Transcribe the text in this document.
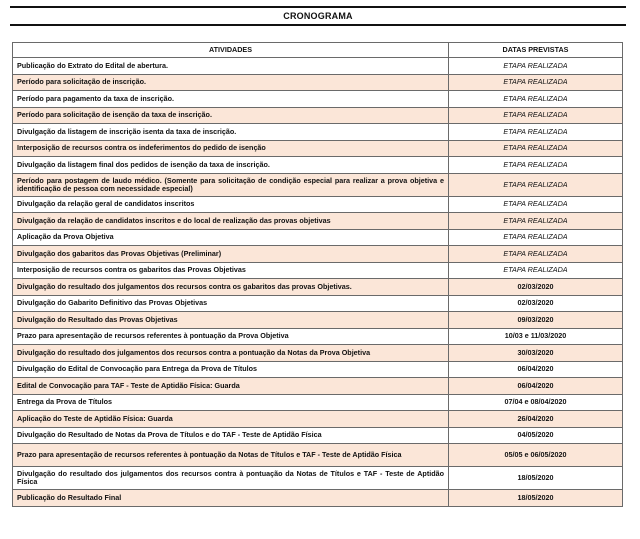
CRONOGRAMA
ATIVIDADES	DATAS PREVISTAS
Publicação do Extrato do Edital de abertura.	ETAPA REALIZADA
Período para solicitação de inscrição.	ETAPA REALIZADA
Período para pagamento da taxa de inscrição.	ETAPA REALIZADA
Período para solicitação de isenção da taxa de inscrição.	ETAPA REALIZADA
Divulgação da listagem de inscrição isenta da taxa de inscrição.	ETAPA REALIZADA
Interposição de recursos contra os indeferimentos do pedido de isenção	ETAPA REALIZADA
Divulgação da listagem final dos pedidos de isenção da taxa de inscrição.	ETAPA REALIZADA
Período para postagem de laudo médico. (Somente para solicitação de condição especial para realizar a prova objetiva e identificação de pessoa com necessidade especial)	ETAPA REALIZADA
Divulgação da relação geral de candidatos inscritos	ETAPA REALIZADA
Divulgação da relação de candidatos inscritos e do local de realização das provas objetivas	ETAPA REALIZADA
Aplicação da Prova Objetiva	ETAPA REALIZADA
Divulgação dos gabaritos das Provas Objetivas (Preliminar)	ETAPA REALIZADA
Interposição de recursos contra os gabaritos das Provas Objetivas	ETAPA REALIZADA
Divulgação do resultado dos julgamentos dos recursos contra os gabaritos das provas Objetivas.	02/03/2020
Divulgação do Gabarito Definitivo das Provas Objetivas	02/03/2020
Divulgação do Resultado das Provas Objetivas	09/03/2020
Prazo para apresentação de recursos referentes à pontuação da Prova Objetiva	10/03 e 11/03/2020
Divulgação do resultado dos julgamentos dos recursos contra a pontuação da Notas da Prova Objetiva	30/03/2020
Divulgação do Edital de Convocação para Entrega da Prova de Títulos	06/04/2020
Edital de Convocação para TAF - Teste de Aptidão Física: Guarda	06/04/2020
Entrega da Prova de Títulos	07/04 e 08/04/2020
Aplicação do Teste de Aptidão Física: Guarda	26/04/2020
Divulgação do Resultado de Notas da Prova de Títulos e do TAF - Teste de Aptidão Física	04/05/2020
Prazo para apresentação de recursos referentes à pontuação da Notas de Títulos e TAF - Teste de Aptidão Física	05/05 e 06/05/2020
Divulgação do resultado dos julgamentos dos recursos contra à pontuação da Notas de Títulos e TAF - Teste de Aptidão Física	18/05/2020
Publicação do Resultado Final	18/05/2020
